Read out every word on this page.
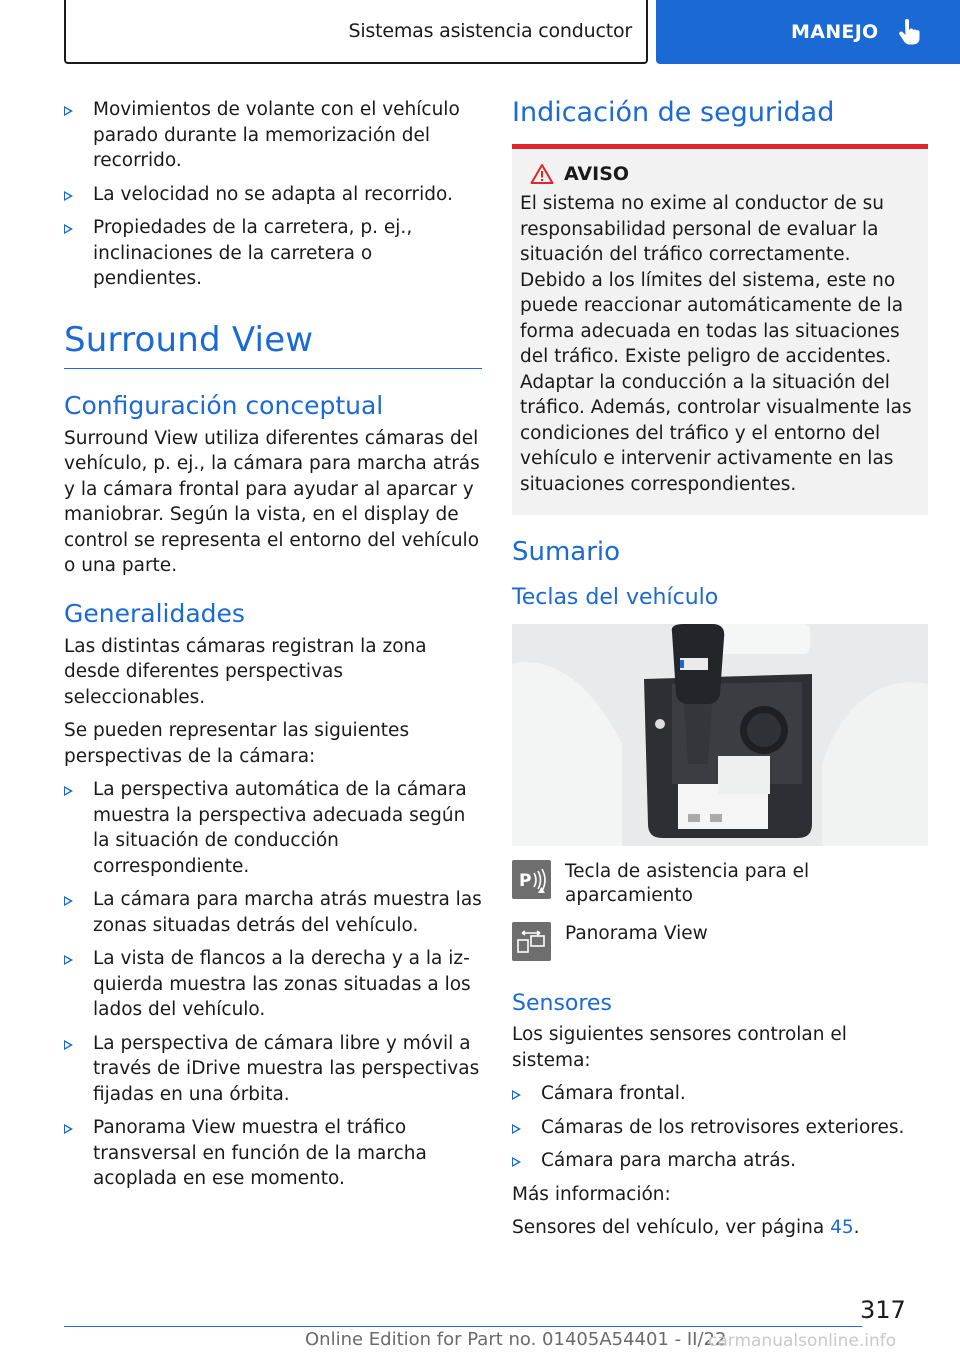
Sistemas asistencia conductor	MANEJO
Movimientos de volante con el vehículo parado durante la memorización del recorrido.
La velocidad no se adapta al recorrido.
Propiedades de la carretera, p. ej., inclinaciones de la carretera o pendientes.
Surround View
Configuración conceptual

Surround View utiliza diferentes cámaras del vehículo, p. ej., la cámara para marcha atrás y la cámara frontal para ayudar al aparcar y maniobrar. Según la vista, en el display de control se representa el entorno del vehículo o una parte.

Generalidades

Las distintas cámaras registran la zona desde diferentes perspectivas seleccionables.

Se pueden representar las siguientes perspectivas de la cámara:

La perspectiva automática de la cámara muestra la perspectiva adecuada según la situación de conducción correspondiente.
La cámara para marcha atrás muestra las zonas situadas detrás del vehículo.
La vista de flancos a la derecha y a la izquierda muestra las zonas situadas a los lados del vehículo.
La perspectiva de cámara libre y móvil a través de iDrive muestra las perspectivas fijadas en una órbita.
Panorama View muestra el tráfico transversal en función de la marcha acoplada en ese momento.
Indicación de seguridad
AVISO

El sistema no exime al conductor de su responsabilidad personal de evaluar la situación del tráfico correctamente. Debido a los límites del sistema, este no puede reaccionar automáticamente de la forma adecuada en todas las situaciones del tráfico. Existe peligro de accidentes. Adaptar la conducción a la situación del tráfico. Además, controlar visualmente las condiciones del tráfico y el entorno del vehículo e intervenir activamente en las situaciones correspondientes.

Sumario
Teclas del vehículo
P Tecla de asistencia para el aparcamiento
Panorama View
Sensores

Los siguientes sensores controlan el sistema:

Cámara frontal.
Cámaras de los retrovisores exteriores.
Cámara para marcha atrás.

Más información:

Sensores del vehículo, ver página 45.

317
Online Edition for Part no. 01405A54401 - II/22
carmanualsonline.info
